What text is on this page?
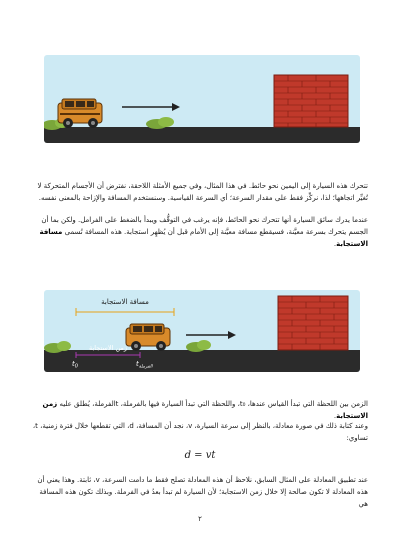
تتحرك هذه السيارة إلى اليمين نحو حائط. في هذا المثال، وفي جميع الأمثلة اللاحقة، نفترض أن الأجسام المتحركة لا تُغيِّر اتجاهها؛ لذا، نركِّز فقط على مقدار السرعة؛ أي السرعة القياسية. وسنستخدم المسافة والإزاحة بالمعنى نفسه.

عندما يدرك سائق السيارة أنها تتحرك نحو الحائط، فإنه يرغب في التوقُّف ويبدأ بالضغط على الفرامل. ولكن بما أن الجسم يتحرك بسرعة معيَّنة، فسيقطع مسافة معيَّنة إلى الأمام قبل أن يُظهِر استجابة. هذه المسافة تُسمى مسافة الاستجابة.

مسافة الاستجابة
زمن الاستجابة
$t_0$	$t_{الفرملة}$

الزمن بين اللحظة التي تبدأ القياس عندها، t₀، واللحظة التي تبدأ السيارة فيها بالفرملة، tالفرملة، يُطلق عليه زمن الاستجابة.

وعند كتابة ذلك في صورة معادلة، بالنظر إلى سرعة السيارة، v، نجد أن المسافة، d، التي تقطعها خلال فترة زمنية، t، تساوي:

d = vt

عند تطبيق المعادلة على المثال السابق، نلاحظ أن هذه المعادلة تصلح فقط ما دامت السرعة، v، ثابتة. وهذا يعني أن هذه المعادلة لا تكون صالحة إلا خلال زمن الاستجابة؛ لأن السيارة لم تبدأ بعدُ في الفرملة. وبذلك تكون هذه المسافة هي

٢
